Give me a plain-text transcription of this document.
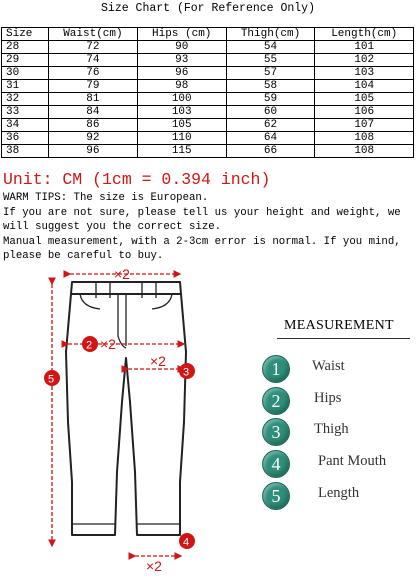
Size Chart (For Reference Only)
Size	Waist(cm)	Hips (cm)	Thigh(cm)	Length(cm)
28	72	90	54	101
29	74	93	55	102
30	76	96	57	103
31	79	98	58	104
32	81	100	59	105
33	84	103	60	106
34	86	105	62	107
36	92	110	64	108
38	96	115	66	108
Unit: CM (1cm = 0.394 inch)
WARM TIPS: The size is European.
If you are not sure, please tell us your height and weight, we
will suggest you the correct size.
Manual measurement, with a 2-3cm error is normal. If you mind,
please be careful to buy.
×2
2 ×2
×2
3
5
×2
4
MEASUREMENT
1	Waist
2	Hips
3	Thigh
4	Pant Mouth
5	Length
